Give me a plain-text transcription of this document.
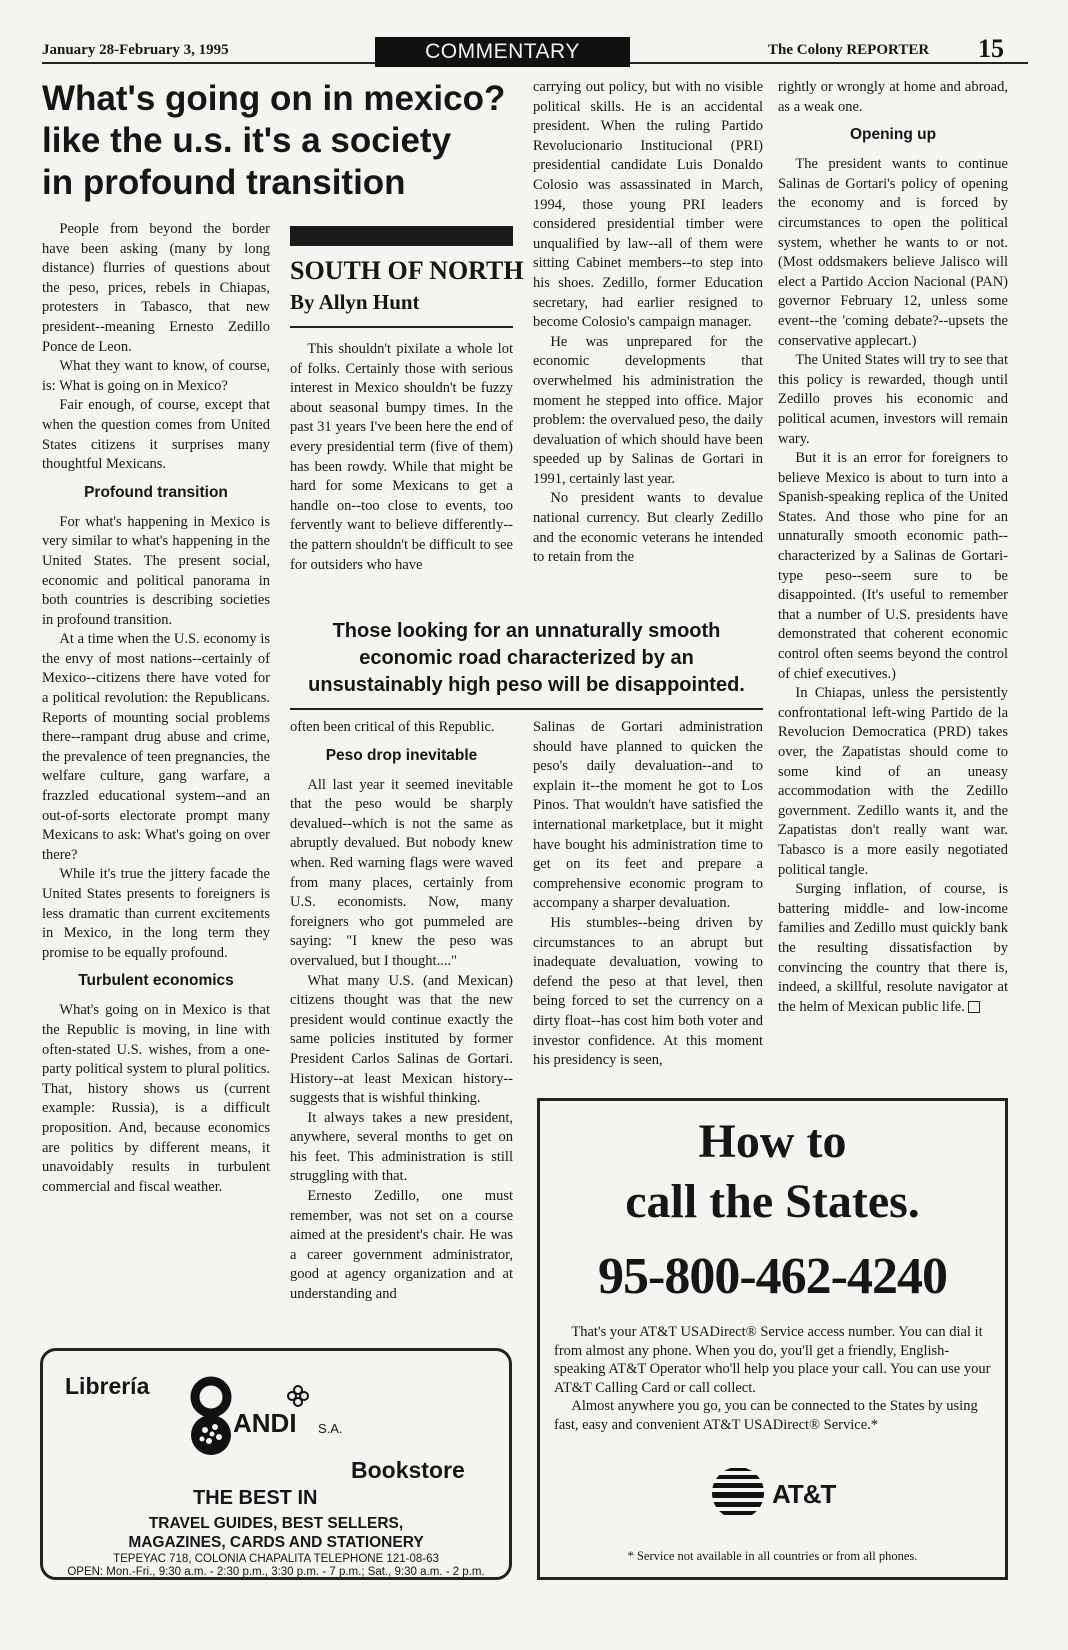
January 28-February 3, 1995	COMMENTARY	The Colony REPORTER 15
What's going on in mexico?
like the u.s. it's a society
in profound transition

People from beyond the border have been asking (many by long distance) flurries of questions about the peso, prices, rebels in Chiapas, protesters in Tabasco, that new president--meaning Ernesto Zedillo Ponce de Leon.

What they want to know, of course, is: What is going on in Mexico?

Fair enough, of course, except that when the question comes from United States citizens it surprises many thoughtful Mexicans.

Profound transition

For what's happening in Mexico is very similar to what's happening in the United States. The present social, economic and political panorama in both countries is describing societies in profound transition.

At a time when the U.S. economy is the envy of most nations--certainly of Mexico--citizens there have voted for a political revolution: the Republicans. Reports of mounting social problems there--rampant drug abuse and crime, the prevalence of teen pregnancies, the welfare culture, gang warfare, a frazzled educational system--and an out-of-sorts electorate prompt many Mexicans to ask: What's going on over there?

While it's true the jittery facade the United States presents to foreigners is less dramatic than current excitements in Mexico, in the long term they promise to be equally profound.

Turbulent economics

What's going on in Mexico is that the Republic is moving, in line with often-stated U.S. wishes, from a one-party political system to plural politics. That, history shows us (current example: Russia), is a difficult proposition. And, because economics are politics by different means, it unavoidably results in turbulent commercial and fiscal weather.

SOUTH OF NORTH
By Allyn Hunt

This shouldn't pixilate a whole lot of folks. Certainly those with serious interest in Mexico shouldn't be fuzzy about seasonal bumpy times. In the past 31 years I've been here the end of every presidential term (five of them) has been rowdy. While that might be hard for some Mexicans to get a handle on--too close to events, too fervently want to believe differently--the pattern shouldn't be difficult to see for outsiders who have

Those looking for an unnaturally smooth economic road characterized by an unsustainably high peso will be disappointed.

often been critical of this Republic.

Peso drop inevitable

All last year it seemed inevitable that the peso would be sharply devalued--which is not the same as abruptly devalued. But nobody knew when. Red warning flags were waved from many places, certainly from U.S. economists. Now, many foreigners who got pummeled are saying: "I knew the peso was overvalued, but I thought...."

What many U.S. (and Mexican) citizens thought was that the new president would continue exactly the same policies instituted by former President Carlos Salinas de Gortari. History--at least Mexican history--suggests that is wishful thinking.

It always takes a new president, anywhere, several months to get on his feet. This administration is still struggling with that.

Ernesto Zedillo, one must remember, was not set on a course aimed at the president's chair. He was a career government administrator, good at agency organization and at understanding and

carrying out policy, but with no visible political skills. He is an accidental president. When the ruling Partido Revolucionario Institucional (PRI) presidential candidate Luis Donaldo Colosio was assassinated in March, 1994, those young PRI leaders considered presidential timber were unqualified by law--all of them were sitting Cabinet members--to step into his shoes. Zedillo, former Education secretary, had earlier resigned to become Colosio's campaign manager.

He was unprepared for the economic developments that overwhelmed his administration the moment he stepped into office. Major problem: the overvalued peso, the daily devaluation of which should have been speeded up by Salinas de Gortari in 1991, certainly last year.

No president wants to devalue national currency. But clearly Zedillo and the economic veterans he intended to retain from the

Salinas de Gortari administration should have planned to quicken the peso's daily devaluation--and to explain it--the moment he got to Los Pinos. That wouldn't have satisfied the international marketplace, but it might have bought his administration time to get on its feet and prepare a comprehensive economic program to accompany a sharper devaluation.

His stumbles--being driven by circumstances to an abrupt but inadequate devaluation, vowing to defend the peso at that level, then being forced to set the currency on a dirty float--has cost him both voter and investor confidence. At this moment his presidency is seen,

rightly or wrongly at home and abroad, as a weak one.

Opening up

The president wants to continue Salinas de Gortari's policy of opening the economy and is forced by circumstances to open the political system, whether he wants to or not. (Most oddsmakers believe Jalisco will elect a Partido Accion Nacional (PAN) governor February 12, unless some event--the 'coming debate?--upsets the conservative applecart.)

The United States will try to see that this policy is rewarded, though until Zedillo proves his economic and political acumen, investors will remain wary.

But it is an error for foreigners to believe Mexico is about to turn into a Spanish-speaking replica of the United States. And those who pine for an unnaturally smooth economic path--characterized by a Salinas de Gortari-type peso--seem sure to be disappointed. (It's useful to remember that a number of U.S. presidents have demonstrated that coherent economic control often seems beyond the control of chief executives.)

In Chiapas, unless the persistently confrontational left-wing Partido de la Revolucion Democratica (PRD) takes over, the Zapatistas should come to some kind of an uneasy accommodation with the Zedillo government. Zedillo wants it, and the Zapatistas don't really want war. Tabasco is a more easily negotiated political tangle.

Surging inflation, of course, is battering middle- and low-income families and Zedillo must quickly bank the resulting dissatisfaction by convincing the country that there is, indeed, a skillful, resolute navigator at the helm of Mexican public life.

Librería
ANDI S.A.
Bookstore
THE BEST IN
TRAVEL GUIDES, BEST SELLERS,
MAGAZINES, CARDS AND STATIONERY
TEPEYAC 718, COLONIA CHAPALITA TELEPHONE 121-08-63
OPEN: Mon.-Fri., 9:30 a.m. - 2:30 p.m., 3:30 p.m. - 7 p.m.; Sat., 9:30 a.m. - 2 p.m.
How to
call the States.
95-800-462-4240

That's your AT&T USADirect® Service access number. You can dial it from almost any phone. When you do, you'll get a friendly, English-speaking AT&T Operator who'll help you place your call. You can use your AT&T Calling Card or call collect.

Almost anywhere you go, you can be connected to the States by using fast, easy and convenient AT&T USADirect® Service.*

AT&T
* Service not available in all countries or from all phones.
